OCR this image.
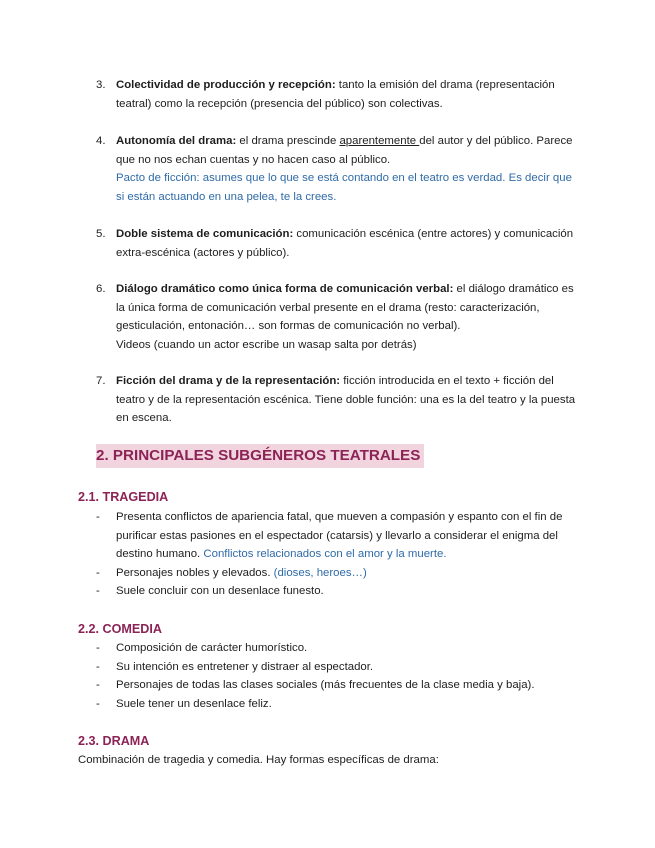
3. Colectividad de producción y recepción: tanto la emisión del drama (representación teatral) como la recepción (presencia del público) son colectivas.
4. Autonomía del drama: el drama prescinde aparentemente del autor y del público. Parece que no nos echan cuentas y no hacen caso al público.
Pacto de ficción: asumes que lo que se está contando en el teatro es verdad. Es decir que si están actuando en una pelea, te la crees.
5. Doble sistema de comunicación: comunicación escénica (entre actores) y comunicación extra-escénica (actores y público).
6. Diálogo dramático como única forma de comunicación verbal: el diálogo dramático es la única forma de comunicación verbal presente en el drama (resto: caracterización, gesticulación, entonación… son formas de comunicación no verbal).
Videos (cuando un actor escribe un wasap salta por detrás)
7. Ficción del drama y de la representación: ficción introducida en el texto + ficción del teatro y de la representación escénica. Tiene doble función: una es la del teatro y la puesta en escena.
2. PRINCIPALES SUBGÉNEROS TEATRALES
2.1. TRAGEDIA
- Presenta conflictos de apariencia fatal, que mueven a compasión y espanto con el fin de purificar estas pasiones en el espectador (catarsis) y llevarlo a considerar el enigma del destino humano. Conflictos relacionados con el amor y la muerte.
- Personajes nobles y elevados. (dioses, heroes…)
- Suele concluir con un desenlace funesto.
2.2. COMEDIA
- Composición de carácter humorístico.
- Su intención es entretener y distraer al espectador.
- Personajes de todas las clases sociales (más frecuentes de la clase media y baja).
- Suele tener un desenlace feliz.
2.3. DRAMA
Combinación de tragedia y comedia. Hay formas específicas de drama:
